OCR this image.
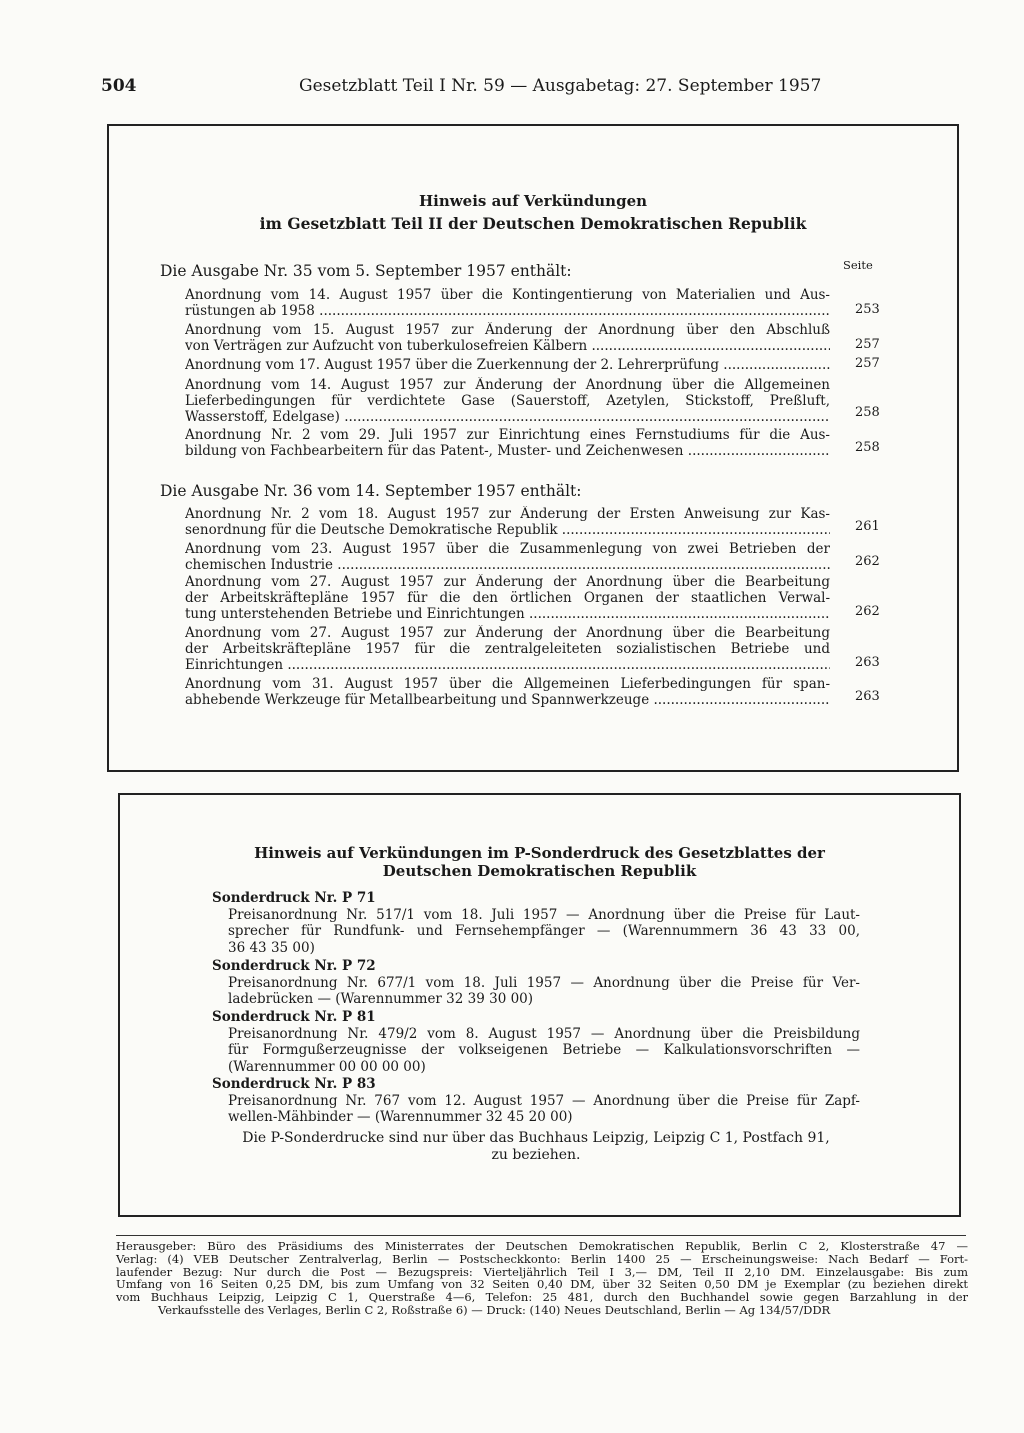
504	Gesetzblatt Teil I Nr. 59 — Ausgabetag: 27. September 1957
Hinweis auf Verkündungen
im Gesetzblatt Teil II der Deutschen Demokratischen Republik
Seite
Die Ausgabe Nr. 35 vom 5. September 1957 enthält:
Anordnung vom 14. August 1957 über die Kontingentierung von Materialien und Aus-
rüstungen ab 1958 .....	253
Anordnung vom 15. August 1957 zur Änderung der Anordnung über den Abschluß
von Verträgen zur Aufzucht von tuberkulosefreien Kälbern .....	257
Anordnung vom 17. August 1957 über die Zuerkennung der 2. Lehrerprüfung .....	257
Anordnung vom 14. August 1957 zur Änderung der Anordnung über die Allgemeinen
Lieferbedingungen für verdichtete Gase (Sauerstoff, Azetylen, Stickstoff, Preßluft,
Wasserstoff, Edelgase) .....	258
Anordnung Nr. 2 vom 29. Juli 1957 zur Einrichtung eines Fernstudiums für die Aus-
bildung von Fachbearbeitern für das Patent-, Muster- und Zeichenwesen .....	258
Die Ausgabe Nr. 36 vom 14. September 1957 enthält:
Anordnung Nr. 2 vom 18. August 1957 zur Änderung der Ersten Anweisung zur Kas-
senordnung für die Deutsche Demokratische Republik .....	261
Anordnung vom 23. August 1957 über die Zusammenlegung von zwei Betrieben der
chemischen Industrie .....	262
Anordnung vom 27. August 1957 zur Änderung der Anordnung über die Bearbeitung
der Arbeitskräftepläne 1957 für die den örtlichen Organen der staatlichen Verwal-
tung unterstehenden Betriebe und Einrichtungen .....	262
Anordnung vom 27. August 1957 zur Änderung der Anordnung über die Bearbeitung
der Arbeitskräftepläne 1957 für die zentralgeleiteten sozialistischen Betriebe und
Einrichtungen .....	263
Anordnung vom 31. August 1957 über die Allgemeinen Lieferbedingungen für span-
abhebende Werkzeuge für Metallbearbeitung und Spannwerkzeuge .....	263
Hinweis auf Verkündungen im P-Sonderdruck des Gesetzblattes der
Deutschen Demokratischen Republik
Sonderdruck Nr. P 71
Preisanordnung Nr. 517/1 vom 18. Juli 1957 — Anordnung über die Preise für Laut-
sprecher für Rundfunk- und Fernsehempfänger — (Warennummern 36 43 33 00,
36 43 35 00)
Sonderdruck Nr. P 72
Preisanordnung Nr. 677/1 vom 18. Juli 1957 — Anordnung über die Preise für Ver-
ladebrücken — (Warennummer 32 39 30 00)
Sonderdruck Nr. P 81
Preisanordnung Nr. 479/2 vom 8. August 1957 — Anordnung über die Preisbildung
für Formgußerzeugnisse der volkseigenen Betriebe — Kalkulationsvorschriften —
(Warennummer 00 00 00 00)
Sonderdruck Nr. P 83
Preisanordnung Nr. 767 vom 12. August 1957 — Anordnung über die Preise für Zapf-
wellen-Mähbinder — (Warennummer 32 45 20 00)
Die P-Sonderdrucke sind nur über das Buchhaus Leipzig, Leipzig C 1, Postfach 91,
zu beziehen.
Herausgeber: Büro des Präsidiums des Ministerrates der Deutschen Demokratischen Republik, Berlin C 2, Klosterstraße 47 —
Verlag: (4) VEB Deutscher Zentralverlag, Berlin — Postscheckkonto: Berlin 1400 25 — Erscheinungsweise: Nach Bedarf — Fort-
laufender Bezug: Nur durch die Post — Bezugspreis: Vierteljährlich Teil I 3,— DM, Teil II 2,10 DM. Einzelausgabe: Bis zum
Umfang von 16 Seiten 0,25 DM, bis zum Umfang von 32 Seiten 0,40 DM, über 32 Seiten 0,50 DM je Exemplar (zu beziehen direkt
vom Buchhaus Leipzig, Leipzig C 1, Querstraße 4—6, Telefon: 25 481, durch den Buchhandel sowie gegen Barzahlung in der
Verkaufsstelle des Verlages, Berlin C 2, Roßstraße 6) — Druck: (140) Neues Deutschland, Berlin — Ag 134/57/DDR
